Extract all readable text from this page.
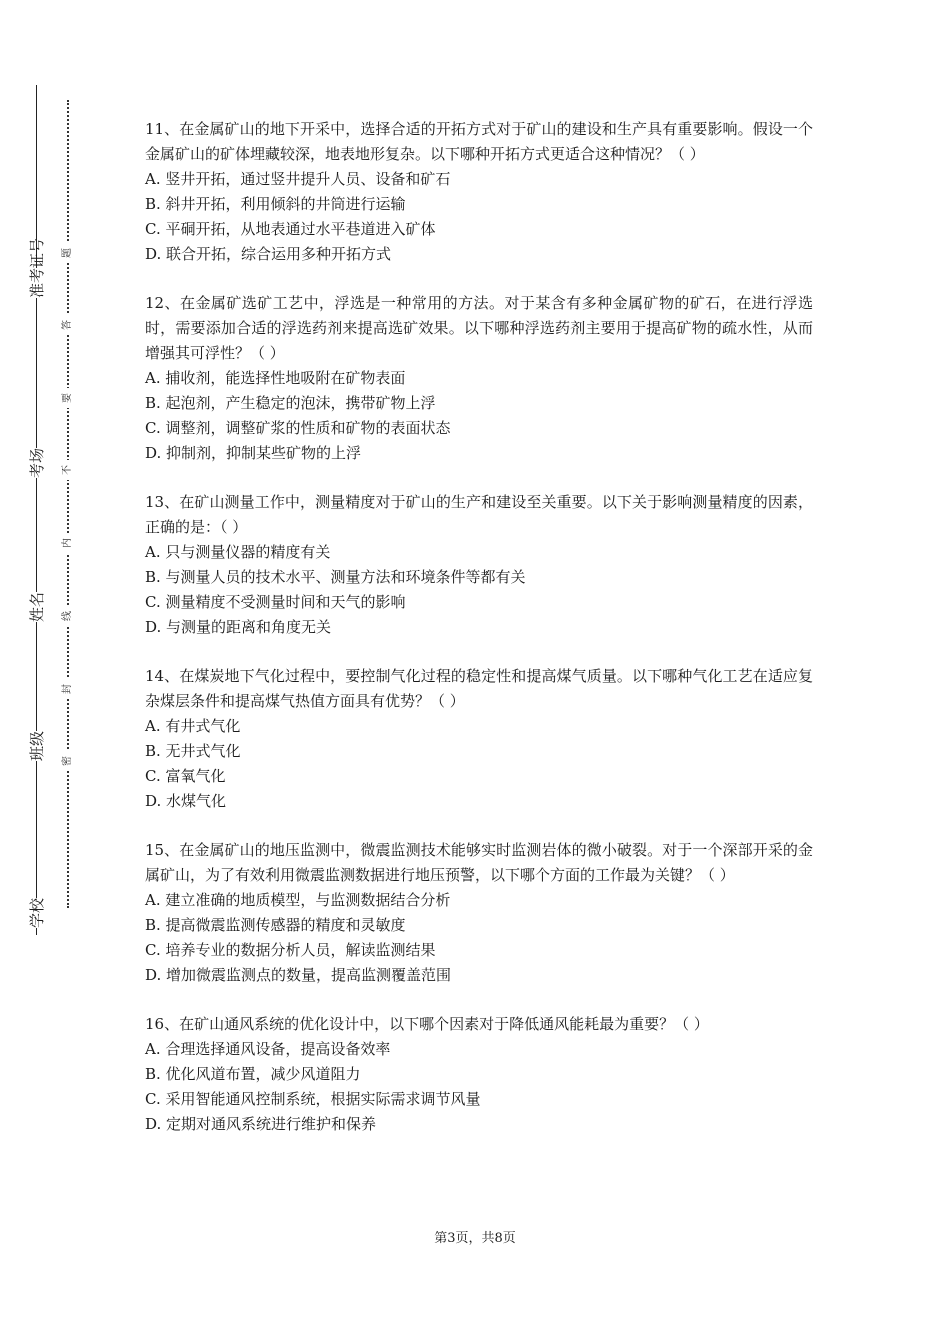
准考证号
考场
姓名
班级
学校
题
答
要
不
内
线
封
密

11、在金属矿山的地下开采中，选择合适的开拓方式对于矿山的建设和生产具有重要影响。假设一个金属矿山的矿体埋藏较深，地表地形复杂。以下哪种开拓方式更适合这种情况？（ ）

A. 竖井开拓，通过竖井提升人员、设备和矿石

B. 斜井开拓，利用倾斜的井筒进行运输

C. 平硐开拓，从地表通过水平巷道进入矿体

D. 联合开拓，综合运用多种开拓方式

12、在金属矿选矿工艺中，浮选是一种常用的方法。对于某含有多种金属矿物的矿石，在进行浮选时，需要添加合适的浮选药剂来提高选矿效果。以下哪种浮选药剂主要用于提高矿物的疏水性，从而增强其可浮性？（ ）

A. 捕收剂，能选择性地吸附在矿物表面

B. 起泡剂，产生稳定的泡沫，携带矿物上浮

C. 调整剂，调整矿浆的性质和矿物的表面状态

D. 抑制剂，抑制某些矿物的上浮

13、在矿山测量工作中，测量精度对于矿山的生产和建设至关重要。以下关于影响测量精度的因素，正确的是：（ ）

A. 只与测量仪器的精度有关

B. 与测量人员的技术水平、测量方法和环境条件等都有关

C. 测量精度不受测量时间和天气的影响

D. 与测量的距离和角度无关

14、在煤炭地下气化过程中，要控制气化过程的稳定性和提高煤气质量。以下哪种气化工艺在适应复杂煤层条件和提高煤气热值方面具有优势？（ ）

A. 有井式气化

B. 无井式气化

C. 富氧气化

D. 水煤气化

15、在金属矿山的地压监测中，微震监测技术能够实时监测岩体的微小破裂。对于一个深部开采的金属矿山，为了有效利用微震监测数据进行地压预警，以下哪个方面的工作最为关键？（ ）

A. 建立准确的地质模型，与监测数据结合分析

B. 提高微震监测传感器的精度和灵敏度

C. 培养专业的数据分析人员，解读监测结果

D. 增加微震监测点的数量，提高监测覆盖范围

16、在矿山通风系统的优化设计中，以下哪个因素对于降低通风能耗最为重要？（ ）

A. 合理选择通风设备，提高设备效率

B. 优化风道布置，减少风道阻力

C. 采用智能通风控制系统，根据实际需求调节风量

D. 定期对通风系统进行维护和保养

第3页，共8页
